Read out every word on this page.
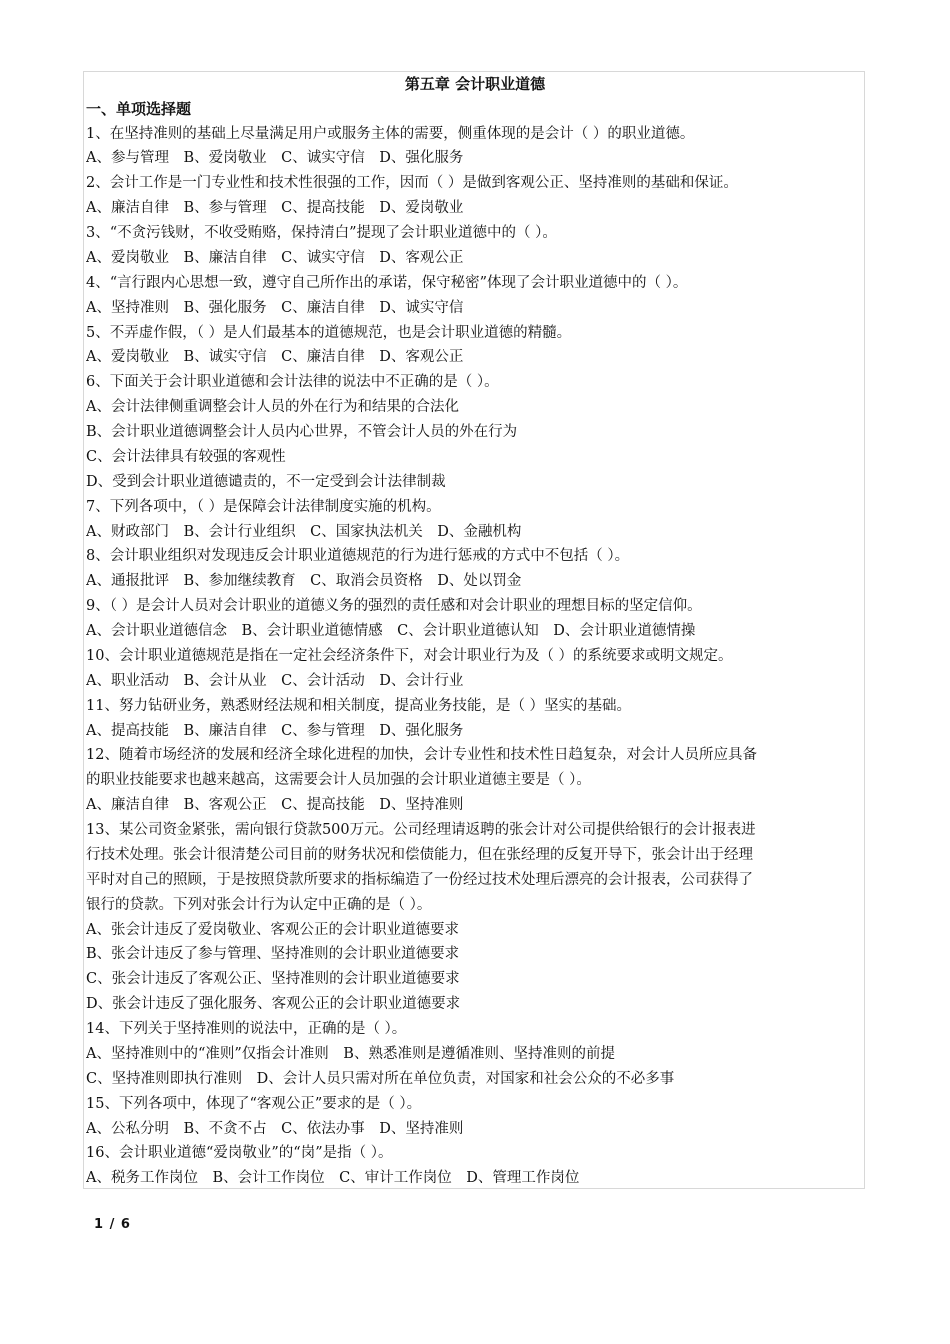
第五章 会计职业道德
一、单项选择题
1、在坚持准则的基础上尽量满足用户或服务主体的需要，侧重体现的是会计（ ）的职业道德。
A、参与管理　B、爱岗敬业　C、诚实守信　D、强化服务
2、会计工作是一门专业性和技术性很强的工作，因而（ ）是做到客观公正、坚持准则的基础和保证。
A、廉洁自律　B、参与管理　C、提高技能　D、爱岗敬业
3、“不贪污钱财，不收受贿赂，保持清白”提现了会计职业道德中的（ ）。
A、爱岗敬业　B、廉洁自律　C、诚实守信　D、客观公正
4、“言行跟内心思想一致，遵守自己所作出的承诺，保守秘密”体现了会计职业道德中的（ ）。
A、坚持准则　B、强化服务　C、廉洁自律　D、诚实守信
5、不弄虚作假，（ ）是人们最基本的道德规范，也是会计职业道德的精髓。
A、爱岗敬业　B、诚实守信　C、廉洁自律　D、客观公正
6、下面关于会计职业道德和会计法律的说法中不正确的是（ ）。
A、会计法律侧重调整会计人员的外在行为和结果的合法化
B、会计职业道德调整会计人员内心世界，不管会计人员的外在行为
C、会计法律具有较强的客观性
D、受到会计职业道德谴责的，不一定受到会计法律制裁
7、下列各项中，（ ）是保障会计法律制度实施的机构。
A、财政部门　B、会计行业组织　C、国家执法机关　D、金融机构
8、会计职业组织对发现违反会计职业道德规范的行为进行惩戒的方式中不包括（ ）。
A、通报批评　B、参加继续教育　C、取消会员资格　D、处以罚金
9、（ ）是会计人员对会计职业的道德义务的强烈的责任感和对会计职业的理想目标的坚定信仰。
A、会计职业道德信念　B、会计职业道德情感　C、会计职业道德认知　D、会计职业道德情操
10、会计职业道德规范是指在一定社会经济条件下，对会计职业行为及（ ）的系统要求或明文规定。
A、职业活动　B、会计从业　C、会计活动　D、会计行业
11、努力钻研业务，熟悉财经法规和相关制度，提高业务技能，是（ ）坚实的基础。
A、提高技能　B、廉洁自律　C、参与管理　D、强化服务
12、随着市场经济的发展和经济全球化进程的加快，会计专业性和技术性日趋复杂，对会计人员所应具备
的职业技能要求也越来越高，这需要会计人员加强的会计职业道德主要是（ ）。
A、廉洁自律　B、客观公正　C、提高技能　D、坚持准则
13、某公司资金紧张，需向银行贷款500万元。公司经理请返聘的张会计对公司提供给银行的会计报表进
行技术处理。张会计很清楚公司目前的财务状况和偿债能力，但在张经理的反复开导下，张会计出于经理
平时对自己的照顾，于是按照贷款所要求的指标编造了一份经过技术处理后漂亮的会计报表，公司获得了
银行的贷款。下列对张会计行为认定中正确的是（ ）。
A、张会计违反了爱岗敬业、客观公正的会计职业道德要求
B、张会计违反了参与管理、坚持准则的会计职业道德要求
C、张会计违反了客观公正、坚持准则的会计职业道德要求
D、张会计违反了强化服务、客观公正的会计职业道德要求
14、下列关于坚持准则的说法中，正确的是（ ）。
A、坚持准则中的“准则”仅指会计准则　B、熟悉准则是遵循准则、坚持准则的前提
C、坚持准则即执行准则　D、会计人员只需对所在单位负责，对国家和社会公众的不必多事
15、下列各项中，体现了“客观公正”要求的是（ ）。
A、公私分明　B、不贪不占　C、依法办事　D、坚持准则
16、会计职业道德“爱岗敬业”的“岗”是指（ ）。
A、税务工作岗位　B、会计工作岗位　C、审计工作岗位　D、管理工作岗位
1 / 6
